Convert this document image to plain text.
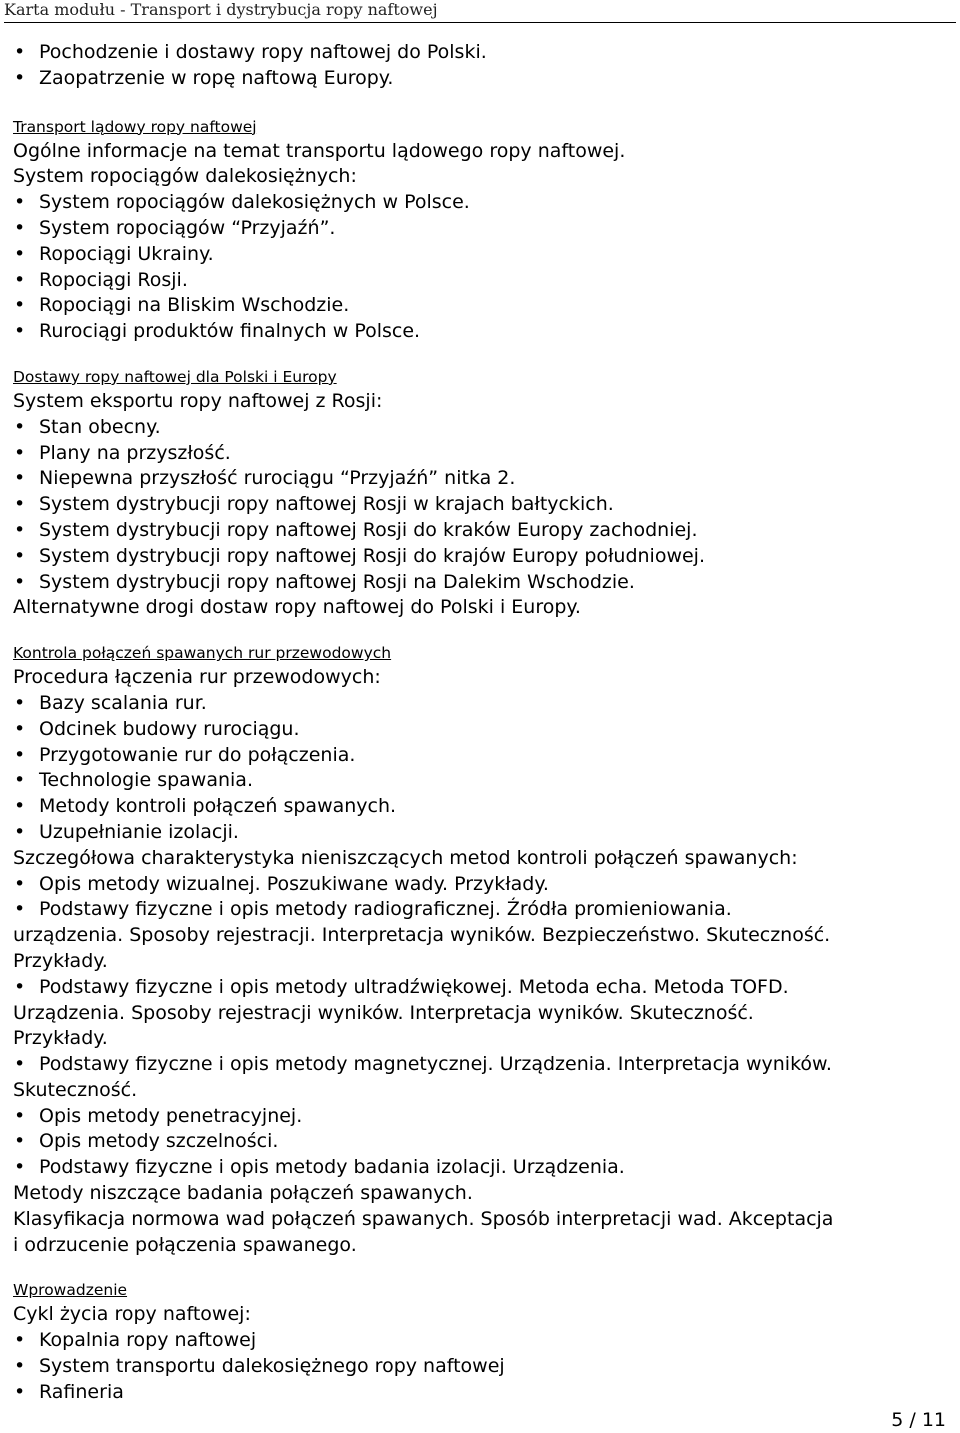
Karta modułu - Transport i dystrybucja ropy naftowej
• Pochodzenie i dostawy ropy naftowej do Polski.
• Zaopatrzenie w ropę naftową Europy.
Transport lądowy ropy naftowej
Ogólne informacje na temat transportu lądowego ropy naftowej.
System ropociągów dalekosiężnych:
• System ropociągów dalekosiężnych w Polsce.
• System ropociągów “Przyjaźń”.
• Ropociągi Ukrainy.
• Ropociągi Rosji.
• Ropociągi na Bliskim Wschodzie.
• Rurociągi produktów finalnych w Polsce.
Dostawy ropy naftowej dla Polski i Europy
System eksportu ropy naftowej z Rosji:
• Stan obecny.
• Plany na przyszłość.
• Niepewna przyszłość rurociągu “Przyjaźń” nitka 2.
• System dystrybucji ropy naftowej Rosji w krajach bałtyckich.
• System dystrybucji ropy naftowej Rosji do kraków Europy zachodniej.
• System dystrybucji ropy naftowej Rosji do krajów Europy południowej.
• System dystrybucji ropy naftowej Rosji na Dalekim Wschodzie.
Alternatywne drogi dostaw ropy naftowej do Polski i Europy.
Kontrola połączeń spawanych rur przewodowych
Procedura łączenia rur przewodowych:
• Bazy scalania rur.
• Odcinek budowy rurociągu.
• Przygotowanie rur do połączenia.
• Technologie spawania.
• Metody kontroli połączeń spawanych.
• Uzupełnianie izolacji.
Szczegółowa charakterystyka nieniszczących metod kontroli połączeń spawanych:
• Opis metody wizualnej. Poszukiwane wady. Przykłady.
• Podstawy fizyczne i opis metody radiograficznej. Źródła promieniowania.
urządzenia. Sposoby rejestracji. Interpretacja wyników. Bezpieczeństwo. Skuteczność.
Przykłady.
• Podstawy fizyczne i opis metody ultradźwiękowej. Metoda echa. Metoda TOFD.
Urządzenia. Sposoby rejestracji wyników. Interpretacja wyników. Skuteczność.
Przykłady.
• Podstawy fizyczne i opis metody magnetycznej. Urządzenia. Interpretacja wyników.
Skuteczność.
• Opis metody penetracyjnej.
• Opis metody szczelności.
• Podstawy fizyczne i opis metody badania izolacji. Urządzenia.
Metody niszczące badania połączeń spawanych.
Klasyfikacja normowa wad połączeń spawanych. Sposób interpretacji wad. Akceptacja
i odrzucenie połączenia spawanego.
Wprowadzenie
Cykl życia ropy naftowej:
• Kopalnia ropy naftowej
• System transportu dalekosiężnego ropy naftowej
• Rafineria
5 / 11
